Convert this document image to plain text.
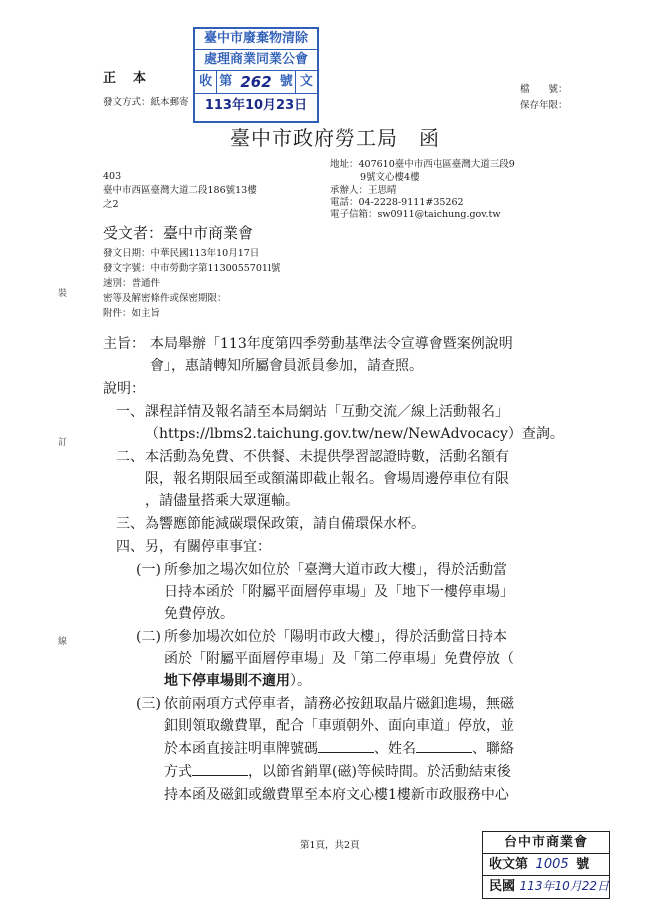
臺中市廢棄物清除
處理商業同業公會
收 第 262 號 文
113年10月23日
正　本
發文方式：紙本郵寄
檔　　號：
保存年限：
臺中市政府勞工局　函
403
臺中市西區臺灣大道二段186號13樓
之2
地址：407610臺中市西屯區臺灣大道三段9
9號文心樓4樓
承辦人：王思晴
電話：04-2228-9111#35262
電子信箱：sw0911@taichung.gov.tw
受文者：臺中市商業會
發文日期：中華民國113年10月17日
發文字號：中市勞動字第1130055701l號
速別：普通件
密等及解密條件或保密期限：
附件：如主旨
裝
訂
線
主旨： 本局舉辦「113年度第四季勞動基準法令宣導會暨案例說明
會」，惠請轉知所屬會員派員參加，請查照。
說明：
一、 課程詳情及報名請至本局網站「互動交流／線上活動報名」
（https://lbms2.taichung.gov.tw/new/NewAdvocacy）查詢。
二、 本活動為免費、不供餐、未提供學習認證時數，活動名額有
限，報名期限屆至或額滿即截止報名。會場周邊停車位有限
，請儘量搭乘大眾運輸。
三、 為響應節能減碳環保政策，請自備環保水杯。
四、 另，有關停車事宜：
(一) 所參加之場次如位於「臺灣大道市政大樓」，得於活動當
日持本函於「附屬平面層停車場」及「地下一樓停車場」
免費停放。
(二) 所參加場次如位於「陽明市政大樓」，得於活動當日持本
函於「附屬平面層停車場」及「第二停車場」免費停放（
地下停車場則不適用）。
(三) 依前兩項方式停車者，請務必按鈕取晶片磁釦進場，無磁
釦則領取繳費單，配合「車頭朝外、面向車道」停放，並
於本函直接註明車牌號碼	、姓名	、聯絡
方式	，以節省銷單(磁)等候時間。於活動結束後
持本函及磁釦或繳費單至本府文心樓1樓新市政服務中心
第1頁，共2頁	台中市商業會
收文第 1005 號
民國 113年10月22日
